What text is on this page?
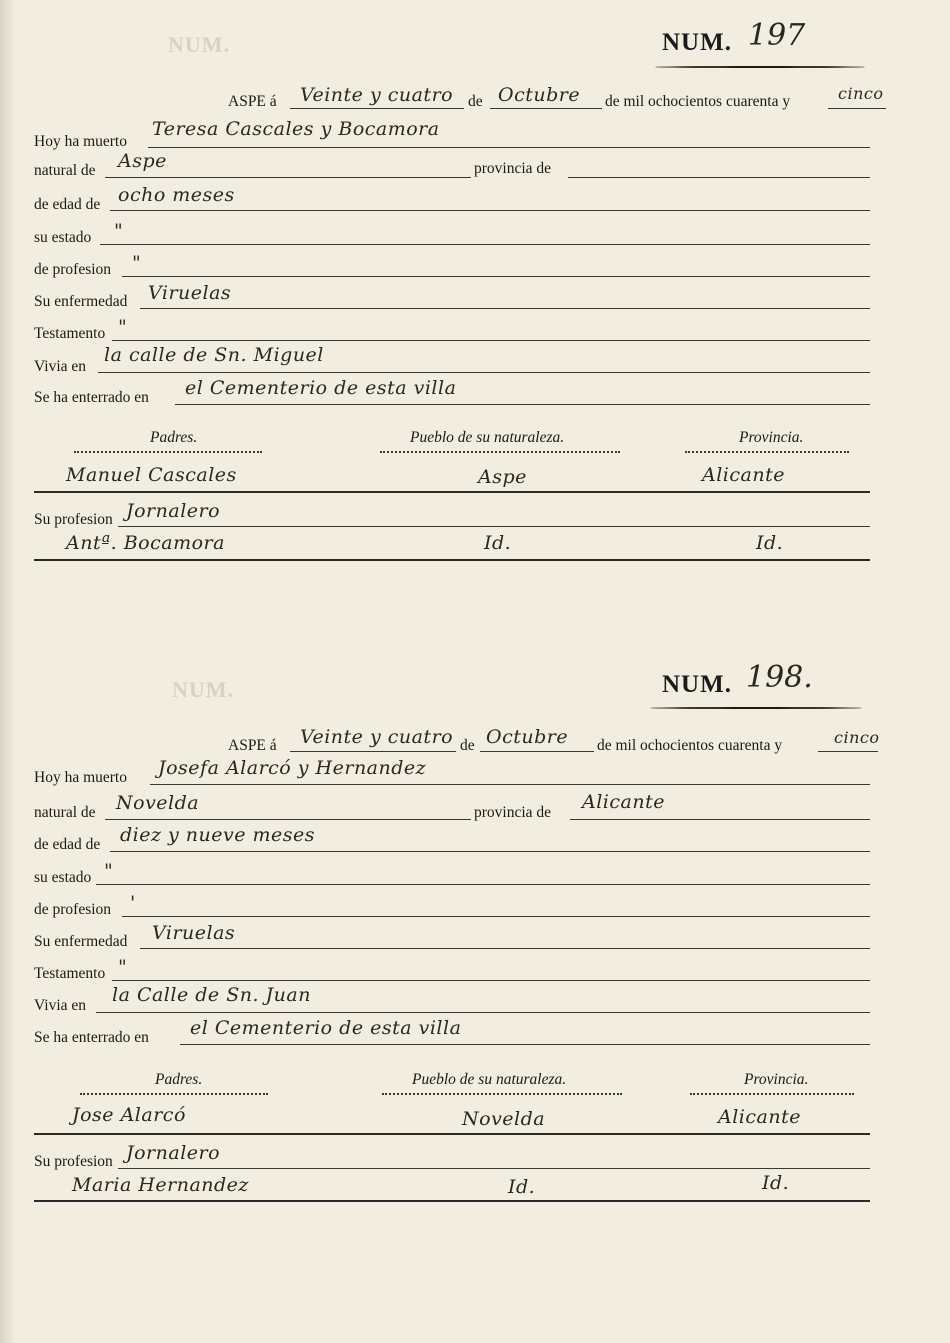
NUM.
NUM.
NUM. 197
ASPE á Veinte y cuatro de Octubre de mil ochocientos cuarenta y	cinco
Hoy ha muerto
Teresa Cascales y Bocamora
natural de Aspe	provincia de
de edad de ocho meses
su estado "
de profesion "
Su enfermedad Viruelas
Testamento "
Vivia en
la calle de Sn. Miguel
Se ha enterrado en el Cementerio de esta villa
Padres.	Pueblo de su naturaleza.	Provincia.
Manuel Cascales	Aspe	Alicante
Su profesion Jornalero
Antª. Bocamora	Id.	Id.
NUM. 198.
ASPE á Veinte y cuatro de Octubre de mil ochocientos cuarenta y	cinco
Hoy ha muerto Josefa Alarcó y Hernandez
natural de Novelda	provincia de Alicante
de edad de diez y nueve meses
su estado "
de profesion '
Su enfermedad Viruelas
Testamento "
Vivia en la Calle de Sn. Juan
Se ha enterrado en el Cementerio de esta villa
Padres.	Pueblo de su naturaleza.	Provincia.
Jose Alarcó	Novelda	Alicante
Su profesion Jornalero
Maria Hernandez	Id.	Id.
